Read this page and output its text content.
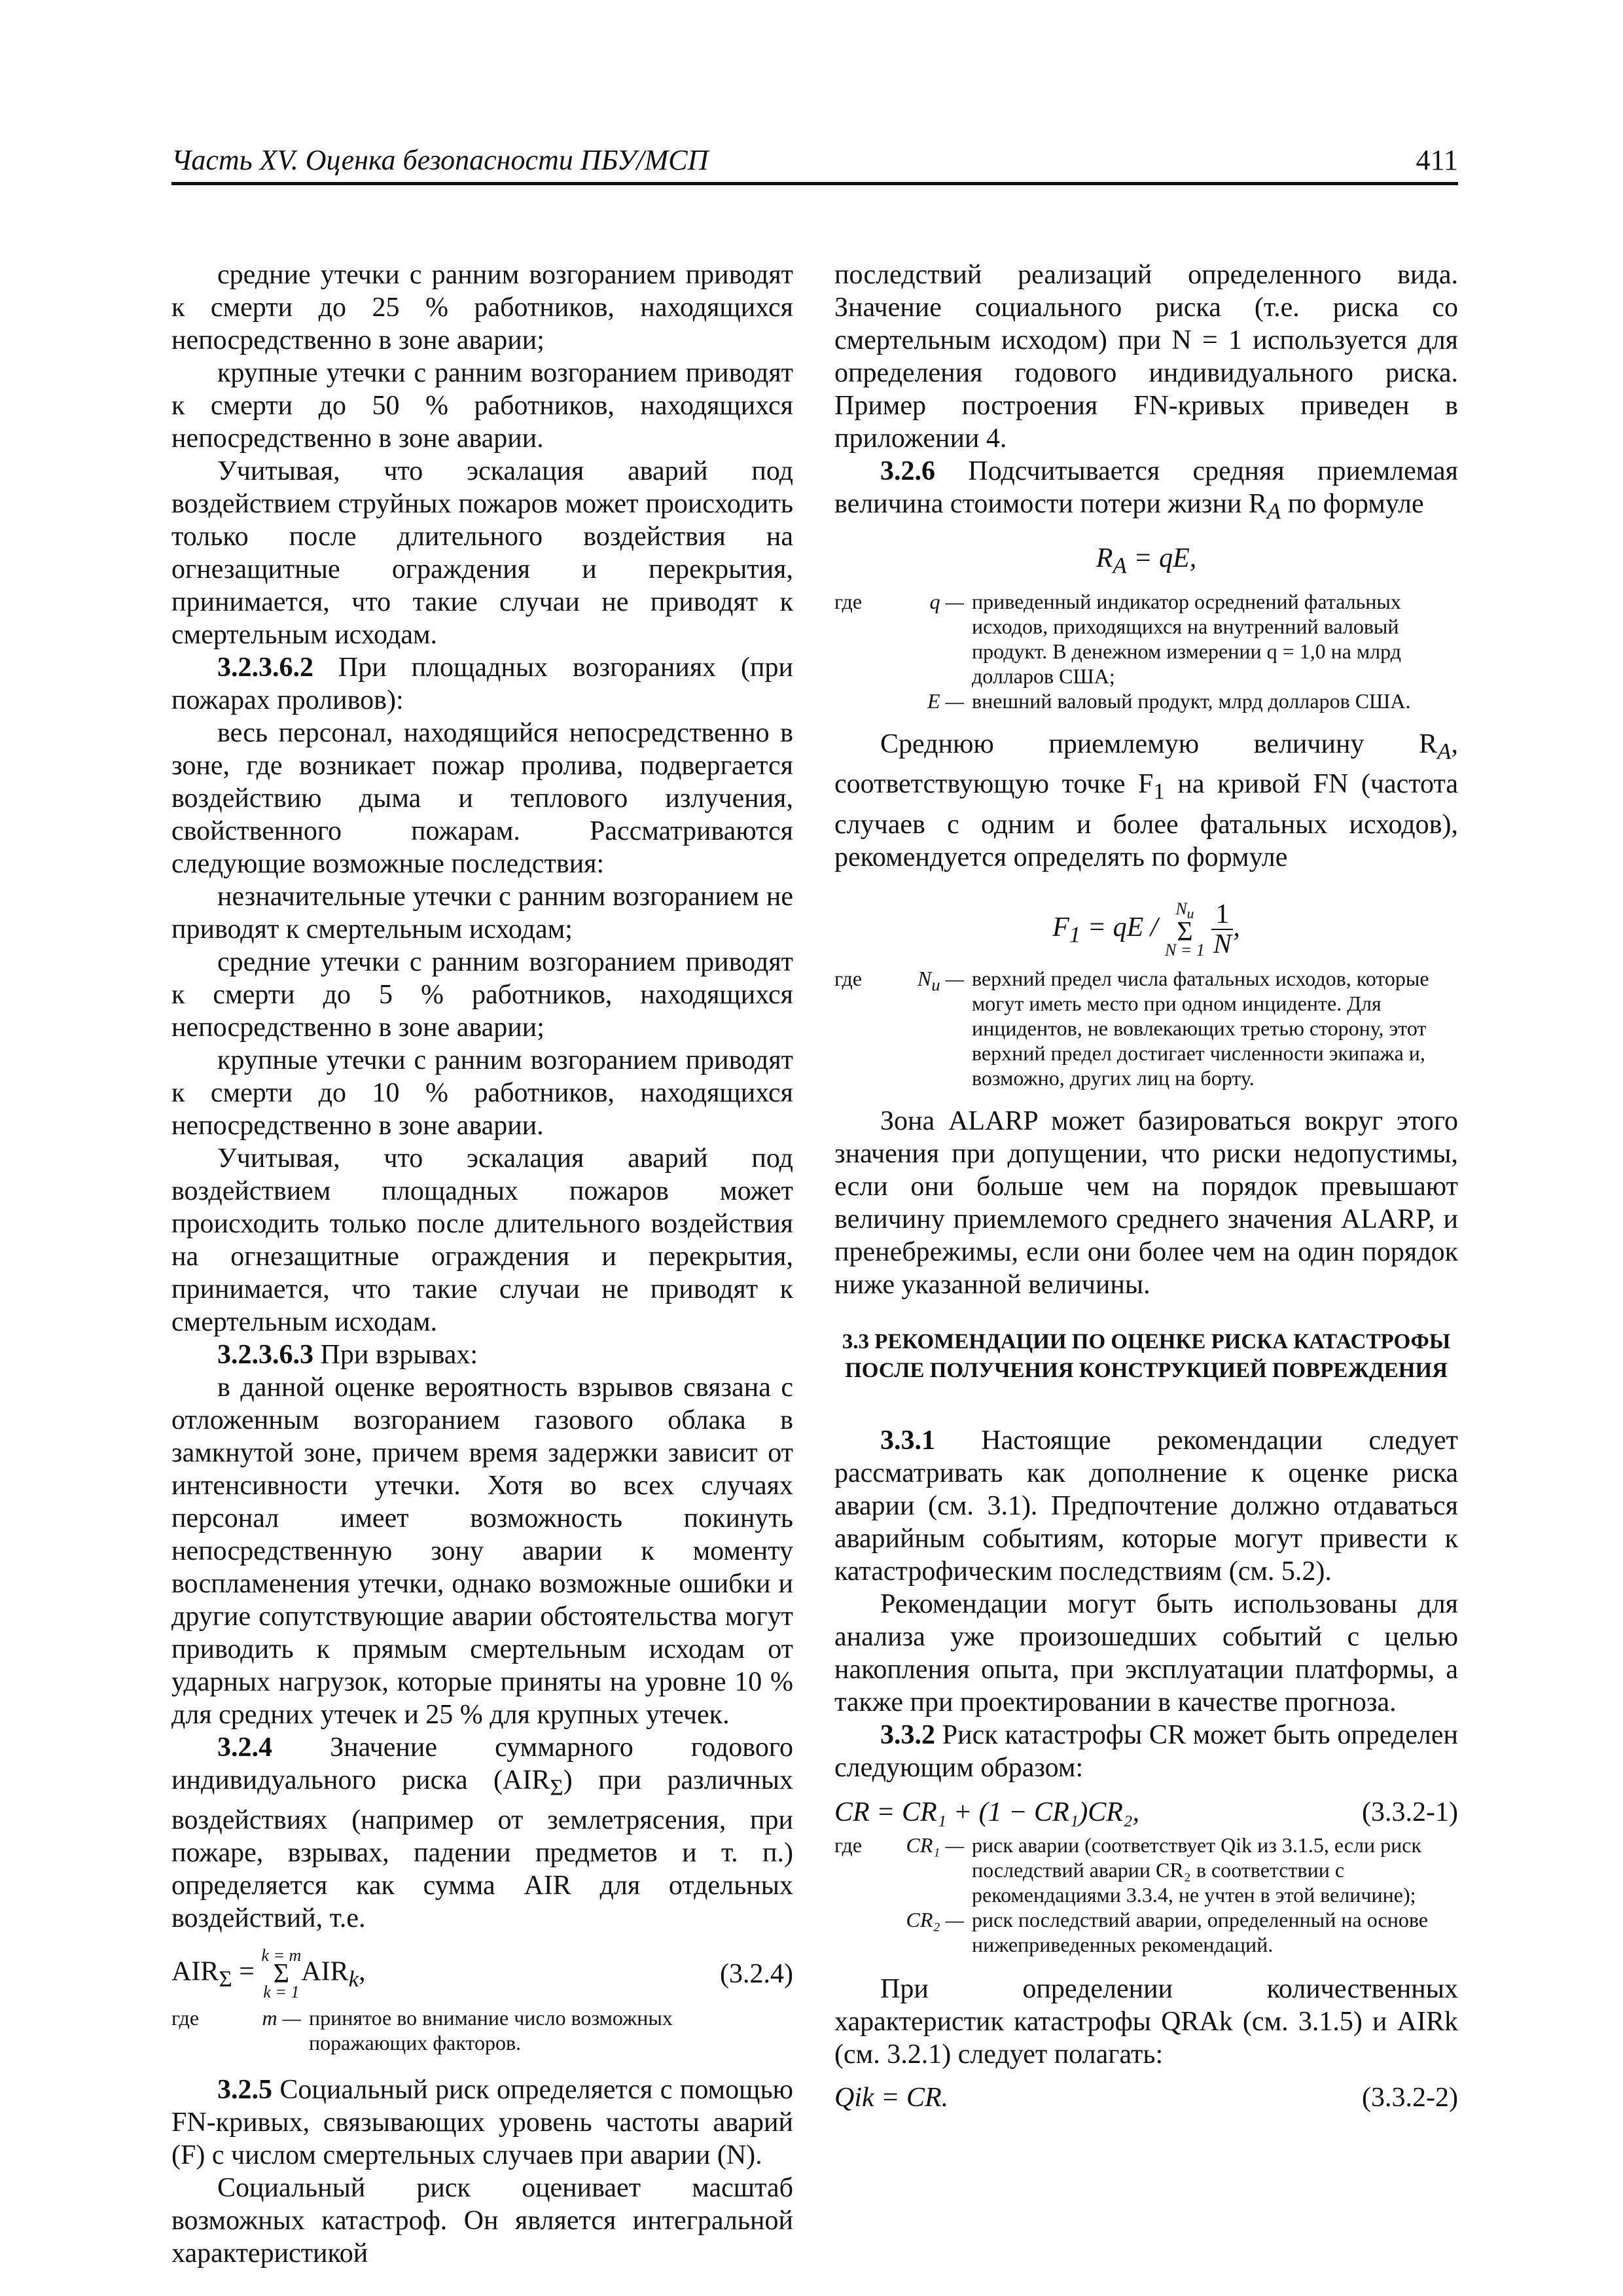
Часть XV. Оценка безопасности ПБУ/МСП	411

средние утечки с ранним возгоранием приводят к смерти до 25 % работников, находящихся непосредственно в зоне аварии;

крупные утечки с ранним возгоранием приводят к смерти до 50 % работников, находящихся непосредственно в зоне аварии.

Учитывая, что эскалация аварий под воздействием струйных пожаров может происходить только после длительного воздействия на огнезащитные ограждения и перекрытия, принимается, что такие случаи не приводят к смертельным исходам.

3.2.3.6.2 При площадных возгораниях (при пожарах проливов):

весь персонал, находящийся непосредственно в зоне, где возникает пожар пролива, подвергается воздействию дыма и теплового излучения, свойственного пожарам. Рассматриваются следующие возможные последствия:

незначительные утечки с ранним возгоранием не приводят к смертельным исходам;

средние утечки с ранним возгоранием приводят к смерти до 5 % работников, находящихся непосредственно в зоне аварии;

крупные утечки с ранним возгоранием приводят к смерти до 10 % работников, находящихся непосредственно в зоне аварии.

Учитывая, что эскалация аварий под воздействием площадных пожаров может происходить только после длительного воздействия на огнезащитные ограждения и перекрытия, принимается, что такие случаи не приводят к смертельным исходам.

3.2.3.6.3 При взрывах:

в данной оценке вероятность взрывов связана с отложенным возгоранием газового облака в замкнутой зоне, причем время задержки зависит от интенсивности утечки. Хотя во всех случаях персонал имеет возможность покинуть непосредственную зону аварии к моменту воспламенения утечки, однако возможные ошибки и другие сопутствующие аварии обстоятельства могут приводить к прямым смертельным исходам от ударных нагрузок, которые приняты на уровне 10 % для средних утечек и 25 % для крупных утечек.

3.2.4 Значение суммарного годового индивидуального риска $(AIR_\Sigma)$ при различных воздействиях (например от землетрясения, при пожаре, взрывах, падении предметов и т. п.) определяется как сумма AIR для отдельных воздействий, т.е.

$AIR_\Sigma$ =
k = m
Σ
k = 1
$AIR_k$,	(3.2.4)
где	m — принятое во внимание число возможных поражающих факторов.

3.2.5 Социальный риск определяется с помощью FN-кривых, связывающих уровень частоты аварий (F) с числом смертельных случаев при аварии (N).

Социальный риск оценивает масштаб возможных катастроф. Он является интегральной характеристикой

последствий реализаций определенного вида. Значение социального риска (т.е. риска со смертельным исходом) при N = 1 используется для определения годового индивидуального риска. Пример построения FN-кривых приведен в приложении 4.

3.2.6 Подсчитывается средняя приемлемая величина стоимости потери жизни $R_A$ по формуле

$R_A$ = qE,
где	q — приведенный индикатор осреднений фатальных исходов, приходящихся на внутренний валовый продукт. В денежном измерении q = 1,0 на млрд долларов США;
E — внешний валовый продукт, млрд долларов США.

Среднюю приемлемую величину $R_A$, соответствующую точке $F_1$ на кривой FN (частота случаев с одним и более фатальных исходов), рекомендуется определять по формуле

$F_1$ = qE /
$N_u$
Σ
N = 1
$\frac{1}{N}$ ,
где	$N_u$ — верхний предел числа фатальных исходов, которые могут иметь место при одном инциденте. Для инцидентов, не вовлекающих третью сторону, этот верхний предел достигает численности экипажа и, возможно, других лиц на борту.

Зона ALARP может базироваться вокруг этого значения при допущении, что риски недопустимы, если они больше чем на порядок превышают величину приемлемого среднего значения ALARP, и пренебрежимы, если они более чем на один порядок ниже указанной величины.

3.3 РЕКОМЕНДАЦИИ ПО ОЦЕНКЕ РИСКА КАТАСТРОФЫ ПОСЛЕ ПОЛУЧЕНИЯ КОНСТРУКЦИЕЙ ПОВРЕЖДЕНИЯ

3.3.1 Настоящие рекомендации следует рассматривать как дополнение к оценке риска аварии (см. 3.1). Предпочтение должно отдаваться аварийным событиям, которые могут привести к катастрофическим последствиям (см. 5.2).

Рекомендации могут быть использованы для анализа уже произошедших событий с целью накопления опыта, при эксплуатации платформы, а также при проектировании в качестве прогноза.

3.3.2 Риск катастрофы CR может быть определен следующим образом:

CR = CR₁ + (1 − CR₁)CR₂,	(3.3.2-1)
где	CR₁ — риск аварии (соответствует Qik из 3.1.5, если риск последствий аварии CR₂ в соответствии с рекомендациями 3.3.4, не учтен в этой величине);
CR₂ — риск последствий аварии, определенный на основе нижеприведенных рекомендаций.

При определении количественных характеристик катастрофы QRAk (см. 3.1.5) и AIRk (см. 3.2.1) следует полагать:

Qik = CR.	(3.3.2-2)
